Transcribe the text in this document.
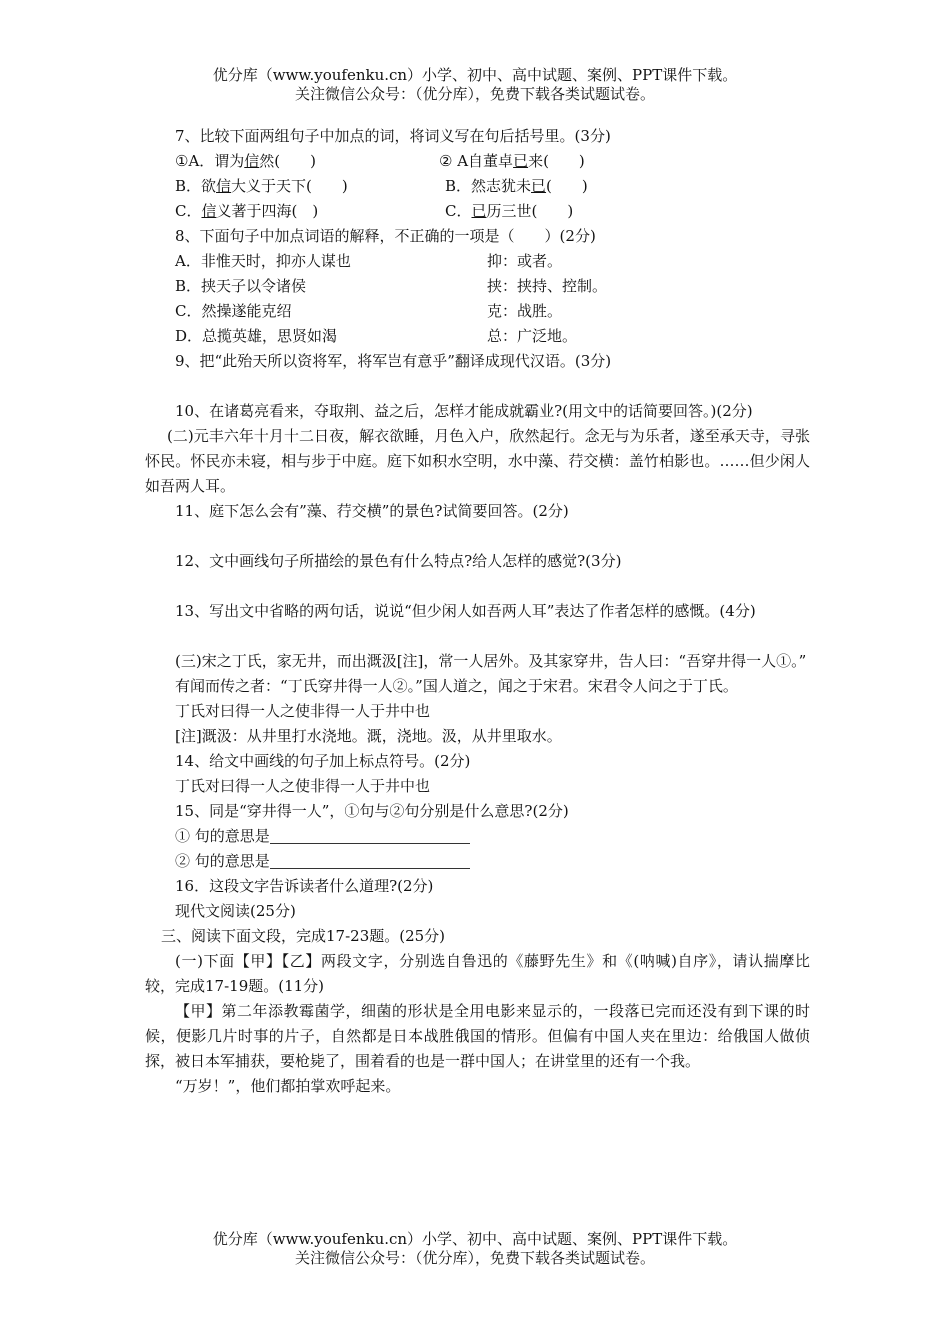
优分库（www.youfenku.cn）小学、初中、高中试题、案例、PPT课件下载。
关注微信公众号：（优分库），免费下载各类试题试卷。
7、比较下面两组句子中加点的词，将词义写在句后括号里。(3分)
①A．谓为信然(　　)	② A自董卓已来(　　)
B．欲信大义于天下(　　)	B．然志犹未已(　　)
C．信义著于四海(　)	C．已历三世(　　)
8、下面句子中加点词语的解释，不正确的一项是（　　）(2分)
A．非惟天时，抑亦人谋也	抑：或者。
B．挟天子以令诸侯	挟：挟持、控制。
C．然操遂能克绍	克：战胜。
D．总揽英雄，思贤如渴	总：广泛地。
9、把“此殆天所以资将军，将军岂有意乎”翻译成现代汉语。(3分)
10、在诸葛亮看来，夺取荆、益之后，怎样才能成就霸业?(用文中的话简要回答。)(2分)
(二)元丰六年十月十二日夜，解衣欲睡，月色入户，欣然起行。念无与为乐者，遂至承天寺，寻张怀民。怀民亦未寝，相与步于中庭。庭下如积水空明，水中藻、荇交横：盖竹柏影也。……但少闲人如吾两人耳。
11、庭下怎么会有”藻、荇交横”的景色?试简要回答。(2分)
12、文中画线句子所描绘的景色有什么特点?给人怎样的感觉?(3分)
13、写出文中省略的两句话，说说“但少闲人如吾两人耳”表达了作者怎样的感慨。(4分)
(三)宋之丁氏，家无井，而出溉汲[注]，常一人居外。及其家穿井，告人曰：“吾穿井得一人①。”
有闻而传之者：“丁氏穿井得一人②。”国人道之，闻之于宋君。宋君令人问之于丁氏。
丁氏对曰得一人之使非得一人于井中也
[注]溉汲：从井里打水浇地。溉，浇地。汲，从井里取水。
14、给文中画线的句子加上标点符号。(2分)
丁氏对曰得一人之使非得一人于井中也
15、同是“穿井得一人”，①句与②句分别是什么意思?(2分)
① 句的意思是
② 句的意思是
16．这段文字告诉读者什么道理?(2分)
现代文阅读(25分)
三、阅读下面文段，完成17-23题。(25分)
(一)下面【甲】【乙】两段文字，分别选自鲁迅的《藤野先生》和《(呐喊)自序》，请认揣摩比较，完成17-19题。(11分)
【甲】第二年添教霉菌学，细菌的形状是全用电影来显示的，一段落已完而还没有到下课的时候，便影几片时事的片子，自然都是日本战胜俄国的情形。但偏有中国人夹在里边：给俄国人做侦探，被日本军捕获，要枪毙了，围着看的也是一群中国人；在讲堂里的还有一个我。
“万岁！”，他们都拍掌欢呼起来。
优分库（www.youfenku.cn）小学、初中、高中试题、案例、PPT课件下载。
关注微信公众号：（优分库），免费下载各类试题试卷。
